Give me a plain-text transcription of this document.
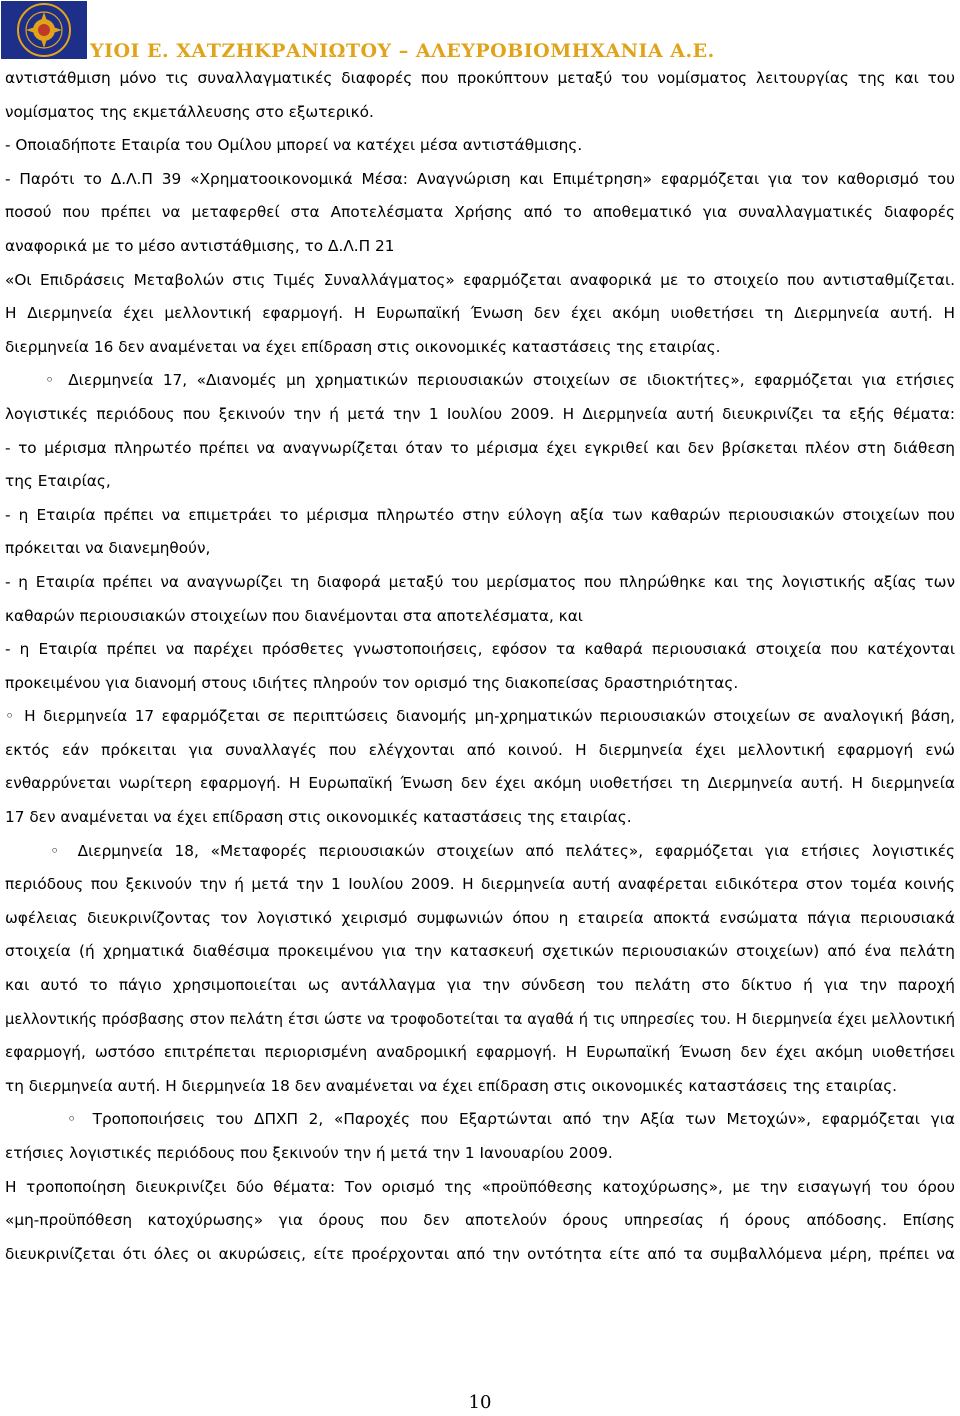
ΥΙΟΙ Ε. ΧΑΤΖΗΚΡΑΝΙΩΤΟΥ – ΑΛΕΥΡΟΒΙΟΜΗΧΑΝΙΑ Α.Ε.
αντιστάθμιση μόνο τις συναλλαγματικές διαφορές που προκύπτουν μεταξύ του νομίσματος λειτουργίας της και του
νομίσματος της εκμετάλλευσης στο εξωτερικό.
- Οποιαδήποτε Εταιρία του Ομίλου μπορεί να κατέχει μέσα αντιστάθμισης.
- Παρότι το Δ.Λ.Π 39 «Χρηματοοικονομικά Μέσα: Αναγνώριση και Επιμέτρηση» εφαρμόζεται για τον καθορισμό του
ποσού που πρέπει να μεταφερθεί στα Αποτελέσματα Χρήσης από το αποθεματικό για συναλλαγματικές διαφορές
αναφορικά με το μέσο αντιστάθμισης, το Δ.Λ.Π 21
«Οι Επιδράσεις Μεταβολών στις Τιμές Συναλλάγματος» εφαρμόζεται αναφορικά με το στοιχείο που αντισταθμίζεται.
Η Διερμηνεία έχει μελλοντική εφαρμογή. Η Ευρωπαϊκή Ένωση δεν έχει ακόμη υιοθετήσει τη Διερμηνεία αυτή. Η
διερμηνεία 16 δεν αναμένεται να έχει επίδραση στις οικονομικές καταστάσεις της εταιρίας.
◦ Διερμηνεία 17, «Διανομές μη χρηματικών περιουσιακών στοιχείων σε ιδιοκτήτες», εφαρμόζεται για ετήσιες
λογιστικές περιόδους που ξεκινούν την ή μετά την 1 Ιουλίου 2009. Η Διερμηνεία αυτή διευκρινίζει τα εξής θέματα:
- το μέρισμα πληρωτέο πρέπει να αναγνωρίζεται όταν το μέρισμα έχει εγκριθεί και δεν βρίσκεται πλέον στη διάθεση
της Εταιρίας,
- η Εταιρία πρέπει να επιμετράει το μέρισμα πληρωτέο στην εύλογη αξία των καθαρών περιουσιακών στοιχείων που
πρόκειται να διανεμηθούν,
- η Εταιρία πρέπει να αναγνωρίζει τη διαφορά μεταξύ του μερίσματος που πληρώθηκε και της λογιστικής αξίας των
καθαρών περιουσιακών στοιχείων που διανέμονται στα αποτελέσματα, και
- η Εταιρία πρέπει να παρέχει πρόσθετες γνωστοποιήσεις, εφόσον τα καθαρά περιουσιακά στοιχεία που κατέχονται
προκειμένου για διανομή στους ιδιήτες πληρούν τον ορισμό της διακοπείσας δραστηριότητας.
◦ Η διερμηνεία 17 εφαρμόζεται σε περιπτώσεις διανομής μη-χρηματικών περιουσιακών στοιχείων σε αναλογική βάση,
εκτός εάν πρόκειται για συναλλαγές που ελέγχονται από κοινού. Η διερμηνεία έχει μελλοντική εφαρμογή ενώ
ενθαρρύνεται νωρίτερη εφαρμογή. Η Ευρωπαϊκή Ένωση δεν έχει ακόμη υιοθετήσει τη Διερμηνεία αυτή. Η διερμηνεία
17 δεν αναμένεται να έχει επίδραση στις οικονομικές καταστάσεις της εταιρίας.
◦ Διερμηνεία 18, «Μεταφορές περιουσιακών στοιχείων από πελάτες», εφαρμόζεται για ετήσιες λογιστικές
περιόδους που ξεκινούν την ή μετά την 1 Ιουλίου 2009. Η διερμηνεία αυτή αναφέρεται ειδικότερα στον τομέα κοινής
ωφέλειας διευκρινίζοντας τον λογιστικό χειρισμό συμφωνιών όπου η εταιρεία αποκτά ενσώματα πάγια περιουσιακά
στοιχεία (ή χρηματικά διαθέσιμα προκειμένου για την κατασκευή σχετικών περιουσιακών στοιχείων) από ένα πελάτη
και αυτό το πάγιο χρησιμοποιείται ως αντάλλαγμα για την σύνδεση του πελάτη στο δίκτυο ή για την παροχή
μελλοντικής πρόσβασης στον πελάτη έτσι ώστε να τροφοδοτείται τα αγαθά ή τις υπηρεσίες του. Η διερμηνεία έχει μελλοντική
εφαρμογή, ωστόσο επιτρέπεται περιορισμένη αναδρομική εφαρμογή. Η Ευρωπαϊκή Ένωση δεν έχει ακόμη υιοθετήσει
τη διερμηνεία αυτή. Η διερμηνεία 18 δεν αναμένεται να έχει επίδραση στις οικονομικές καταστάσεις της εταιρίας.
◦ Τροποποιήσεις του ΔΠΧΠ 2, «Παροχές που Εξαρτώνται από την Αξία των Μετοχών», εφαρμόζεται για
ετήσιες λογιστικές περιόδους που ξεκινούν την ή μετά την 1 Ιανουαρίου 2009.
Η τροποποίηση διευκρινίζει δύο θέματα: Τον ορισμό της «προϋπόθεσης κατοχύρωσης», με την εισαγωγή του όρου
«μη-προϋπόθεση κατοχύρωσης» για όρους που δεν αποτελούν όρους υπηρεσίας ή όρους απόδοσης. Επίσης
διευκρινίζεται ότι όλες οι ακυρώσεις, είτε προέρχονται από την οντότητα είτε από τα συμβαλλόμενα μέρη, πρέπει να
10
